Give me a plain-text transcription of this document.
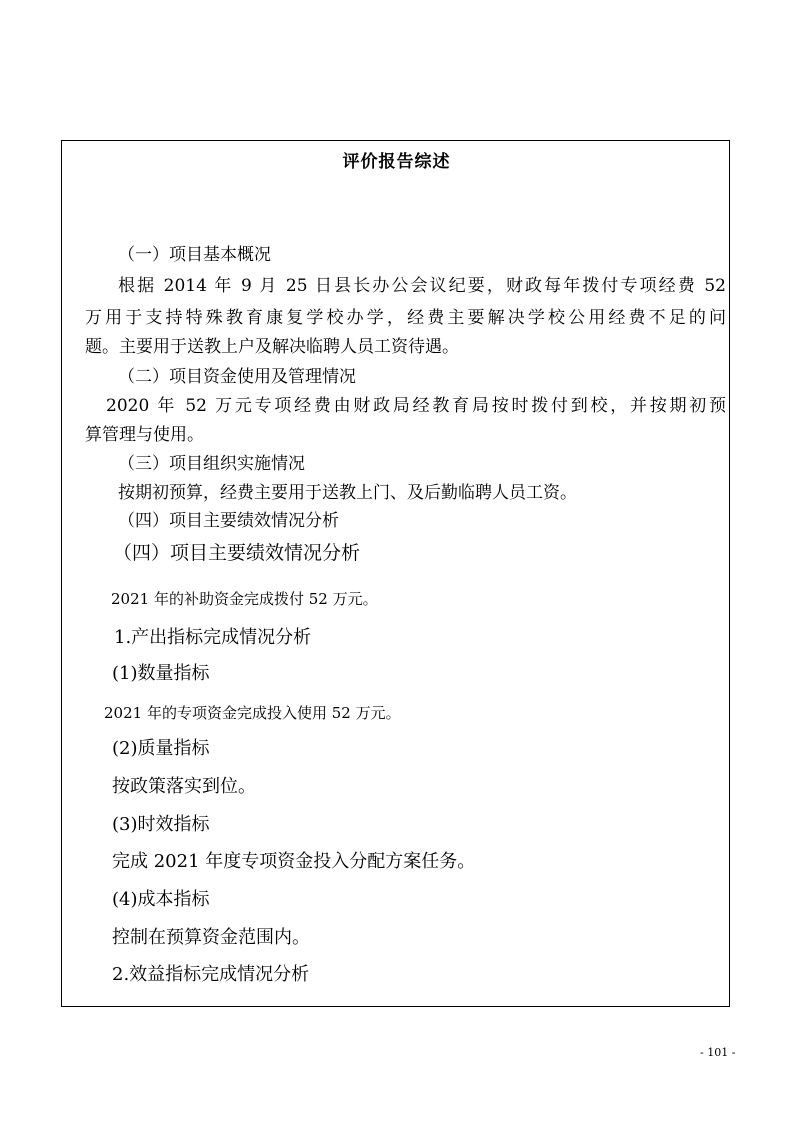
评价报告综述
（一）项目基本概况
根据 2014 年 9 月 25 日县长办公会议纪要，财政每年拨付专项经费 52
万用于支持特殊教育康复学校办学，经费主要解决学校公用经费不足的问
题。主要用于送教上户及解决临聘人员工资待遇。
（二）项目资金使用及管理情况
2020 年 52 万元专项经费由财政局经教育局按时拨付到校，并按期初预
算管理与使用。
（三）项目组织实施情况
按期初预算，经费主要用于送教上门、及后勤临聘人员工资。
（四）项目主要绩效情况分析
（四）项目主要绩效情况分析
2021 年的补助资金完成拨付 52 万元。
1.产出指标完成情况分析
(1)数量指标
2021 年的专项资金完成投入使用 52 万元。
(2)质量指标
按政策落实到位。
(3)时效指标
完成 2021 年度专项资金投入分配方案任务。
(4)成本指标
控制在预算资金范围内。
2.效益指标完成情况分析
- 101 -
